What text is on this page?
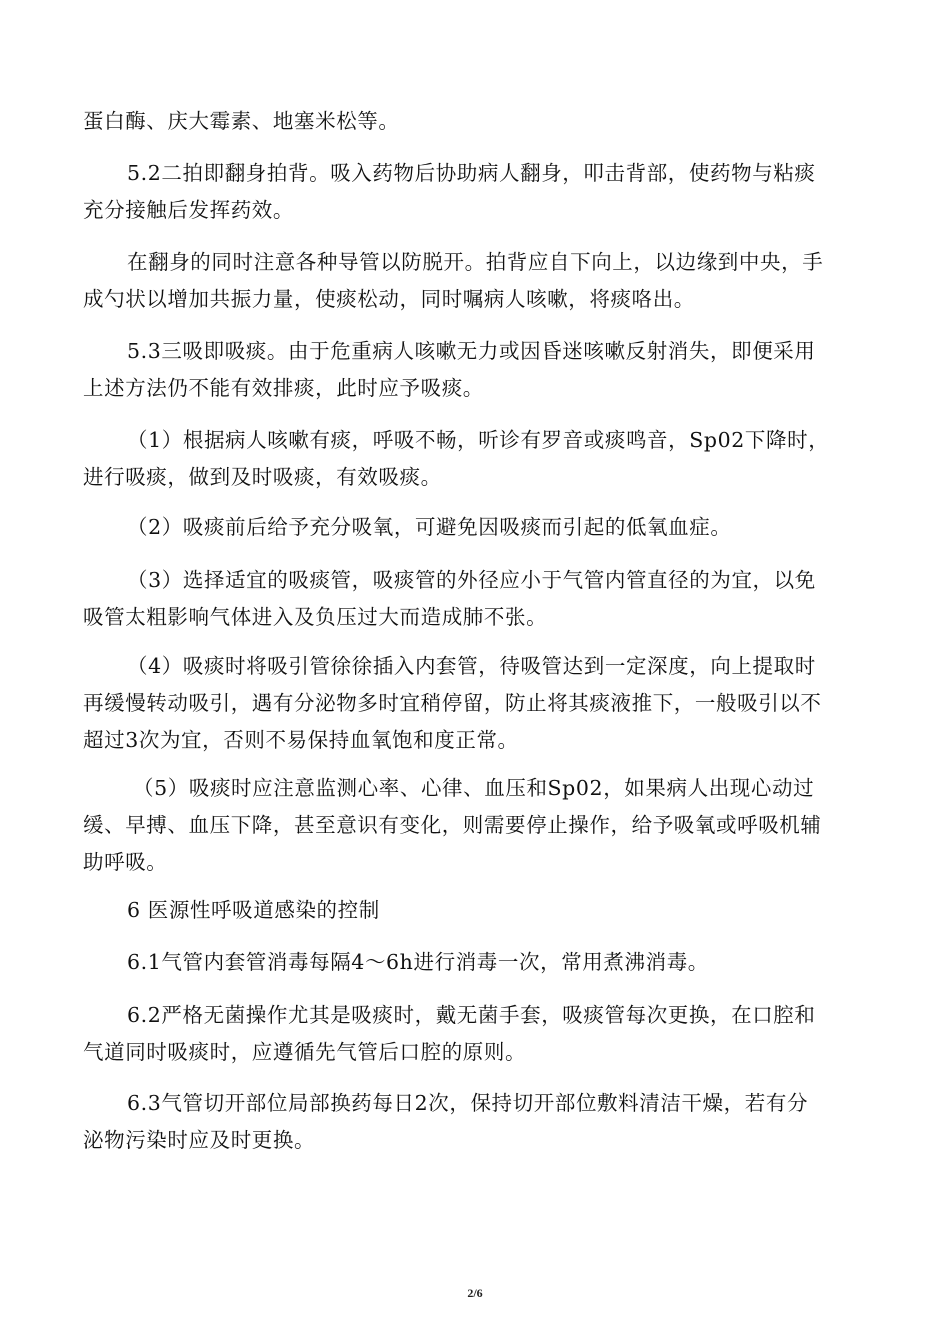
蛋白酶、庆大霉素、地塞米松等。
5.2二拍即翻身拍背。吸入药物后协助病人翻身，叩击背部，使药物与粘痰
充分接触后发挥药效。
在翻身的同时注意各种导管以防脱开。拍背应自下向上，以边缘到中央，手
成勺状以增加共振力量，使痰松动，同时嘱病人咳嗽，将痰咯出。
5.3三吸即吸痰。由于危重病人咳嗽无力或因昏迷咳嗽反射消失，即便采用
上述方法仍不能有效排痰，此时应予吸痰。
（1）根据病人咳嗽有痰，呼吸不畅，听诊有罗音或痰鸣音，Sp02下降时，
进行吸痰，做到及时吸痰，有效吸痰。
（2）吸痰前后给予充分吸氧，可避免因吸痰而引起的低氧血症。
（3）选择适宜的吸痰管，吸痰管的外径应小于气管内管直径的为宜，以免
吸管太粗影响气体进入及负压过大而造成肺不张。
（4）吸痰时将吸引管徐徐插入内套管，待吸管达到一定深度，向上提取时
再缓慢转动吸引，遇有分泌物多时宜稍停留，防止将其痰液推下，一般吸引以不
超过3次为宜，否则不易保持血氧饱和度正常。
（5）吸痰时应注意监测心率、心律、血压和Sp02，如果病人出现心动过
缓、早搏、血压下降，甚至意识有变化，则需要停止操作，给予吸氧或呼吸机辅
助呼吸。
6 医源性呼吸道感染的控制
6.1气管内套管消毒每隔4～6h进行消毒一次，常用煮沸消毒。
6.2严格无菌操作尤其是吸痰时，戴无菌手套，吸痰管每次更换，在口腔和
气道同时吸痰时，应遵循先气管后口腔的原则。
6.3气管切开部位局部换药每日2次，保持切开部位敷料清洁干燥，若有分
泌物污染时应及时更换。
2/6
